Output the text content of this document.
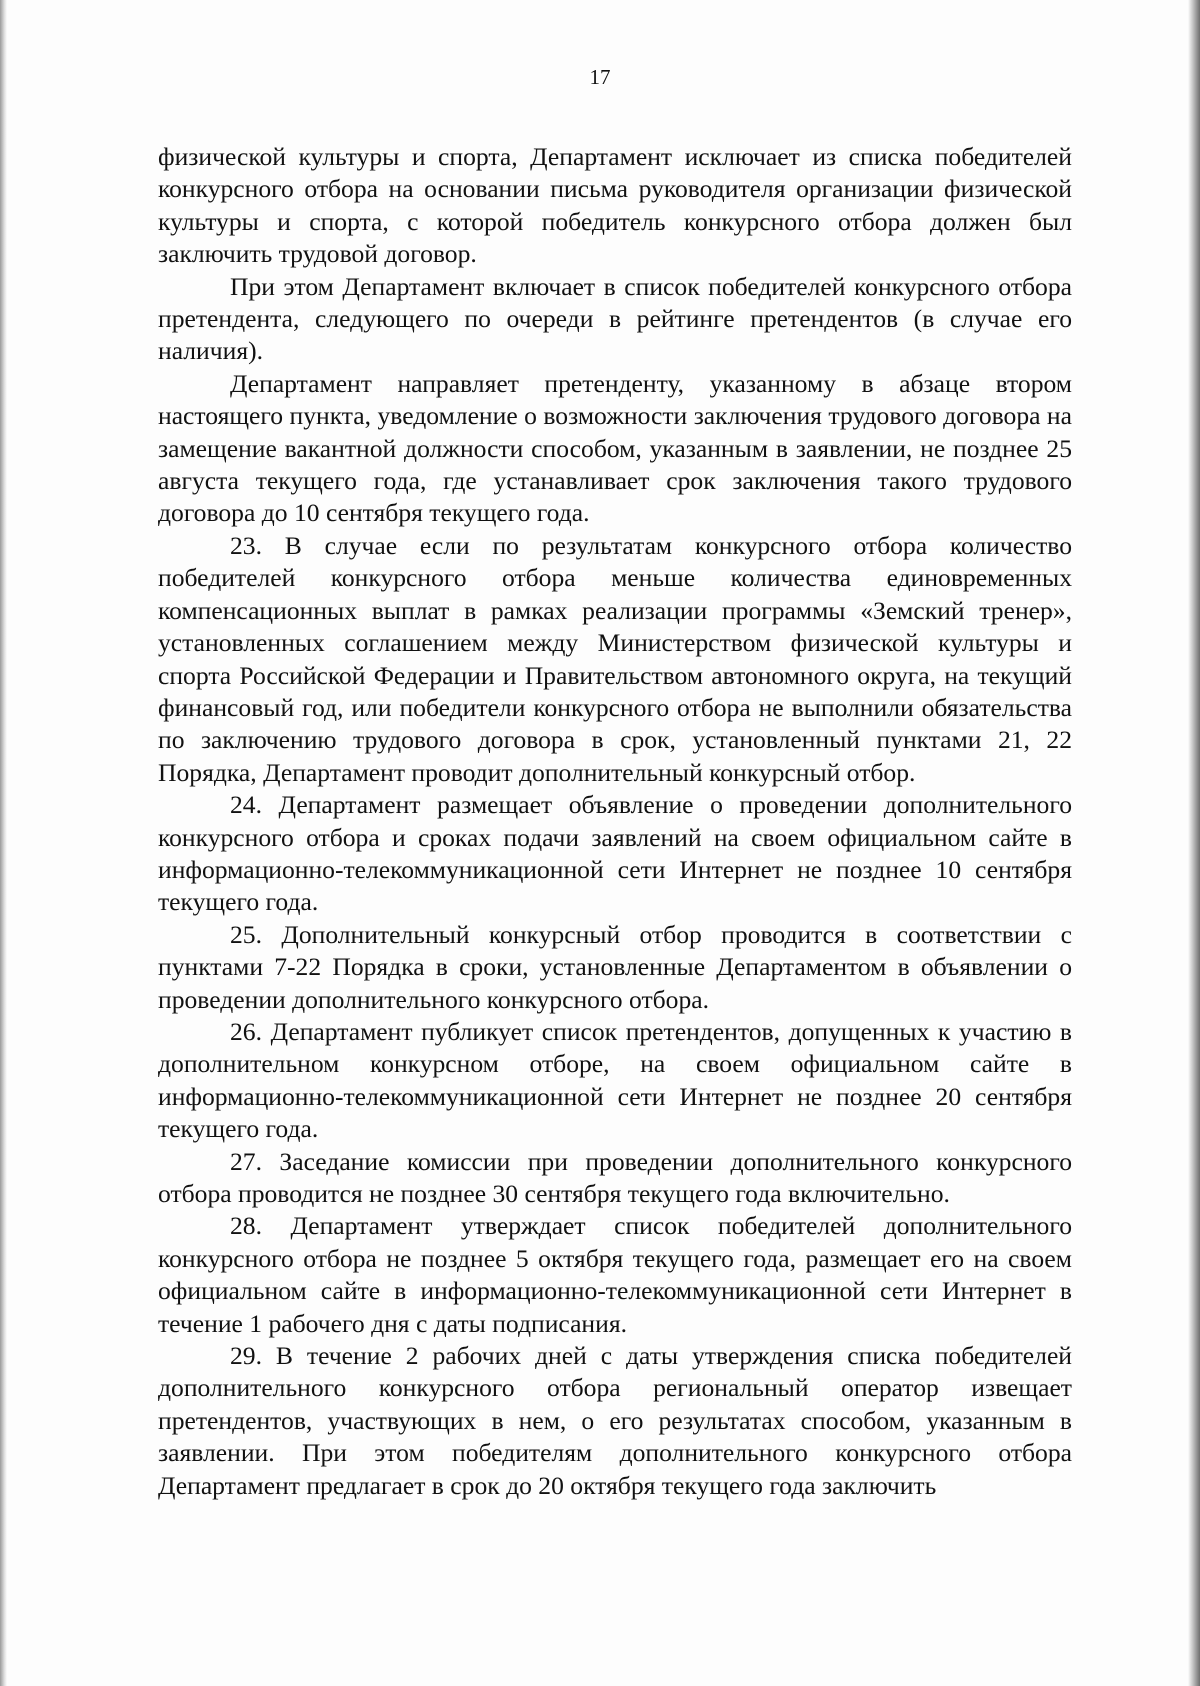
17

физической культуры и спорта, Департамент исключает из списка победителей конкурсного отбора на основании письма руководителя организации физической культуры и спорта, с которой победитель конкурсного отбора должен был заключить трудовой договор.

При этом Департамент включает в список победителей конкурсного отбора претендента, следующего по очереди в рейтинге претендентов (в случае его наличия).

Департамент направляет претенденту, указанному в абзаце втором настоящего пункта, уведомление о возможности заключения трудового договора на замещение вакантной должности способом, указанным в заявлении, не позднее 25 августа текущего года, где устанавливает срок заключения такого трудового договора до 10 сентября текущего года.

23. В случае если по результатам конкурсного отбора количество победителей конкурсного отбора меньше количества единовременных компенсационных выплат в рамках реализации программы «Земский тренер», установленных соглашением между Министерством физической культуры и спорта Российской Федерации и Правительством автономного округа, на текущий финансовый год, или победители конкурсного отбора не выполнили обязательства по заключению трудового договора в срок, установленный пунктами 21, 22 Порядка, Департамент проводит дополнительный конкурсный отбор.

24. Департамент размещает объявление о проведении дополнительного конкурсного отбора и сроках подачи заявлений на своем официальном сайте в информационно-телекоммуникационной сети Интернет не позднее 10 сентября текущего года.

25. Дополнительный конкурсный отбор проводится в соответствии с пунктами 7-22 Порядка в сроки, установленные Департаментом в объявлении о проведении дополнительного конкурсного отбора.

26. Департамент публикует список претендентов, допущенных к участию в дополнительном конкурсном отборе, на своем официальном сайте в информационно-телекоммуникационной сети Интернет не позднее 20 сентября текущего года.

27. Заседание комиссии при проведении дополнительного конкурсного отбора проводится не позднее 30 сентября текущего года включительно.

28. Департамент утверждает список победителей дополнительного конкурсного отбора не позднее 5 октября текущего года, размещает его на своем официальном сайте в информационно-телекоммуникационной сети Интернет в течение 1 рабочего дня с даты подписания.

29. В течение 2 рабочих дней с даты утверждения списка победителей дополнительного конкурсного отбора региональный оператор извещает претендентов, участвующих в нем, о его результатах способом, указанным в заявлении. При этом победителям дополнительного конкурсного отбора Департамент предлагает в срок до 20 октября текущего года заключить
